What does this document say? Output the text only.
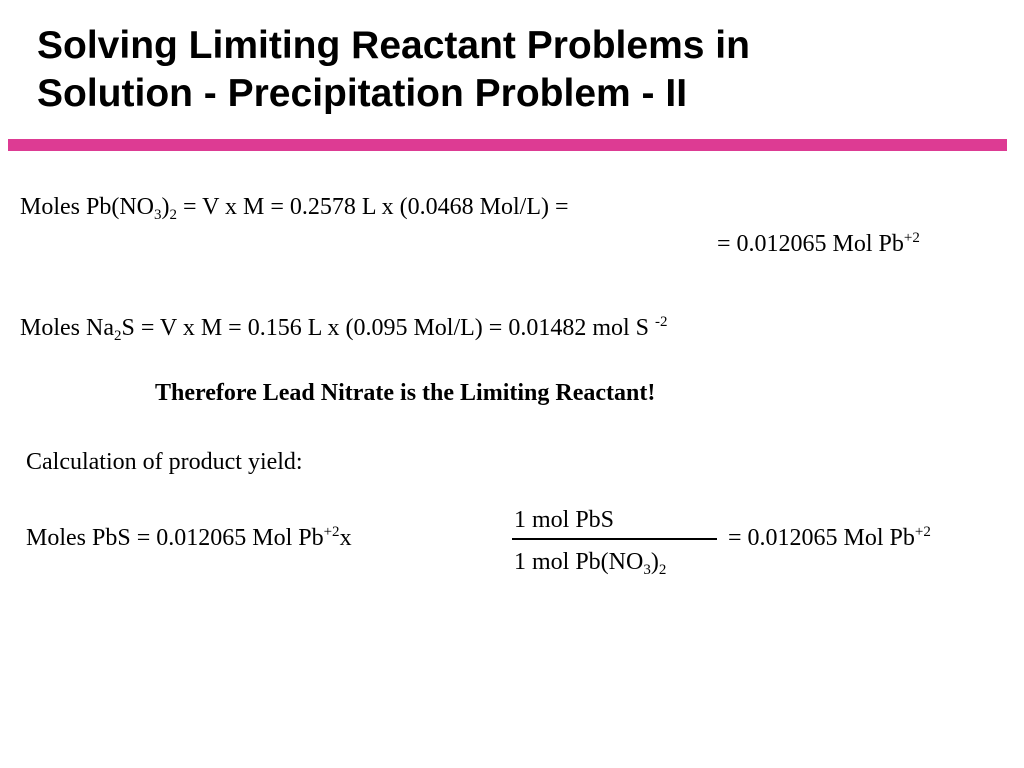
Solving Limiting Reactant Problems in
Solution - Precipitation Problem - II
Moles $Pb(NO_3)_2 = V$ x M = 0.2578 L x (0.0468 Mol/L) =
= 0.012065 Mol $Pb^{+2}$
Moles $Na_2S = V$ x M = 0.156 L x (0.095 Mol/L) = 0.01482 mol S $^{-2}$
Therefore Lead Nitrate is the Limiting Reactant!
Calculation of product yield:
Moles PbS = 0.012065 Mol $Pb^{+2}x$
1 mol PbS
1 mol $Pb(NO_3)_2$
= 0.012065 Mol $Pb^{+2}$
